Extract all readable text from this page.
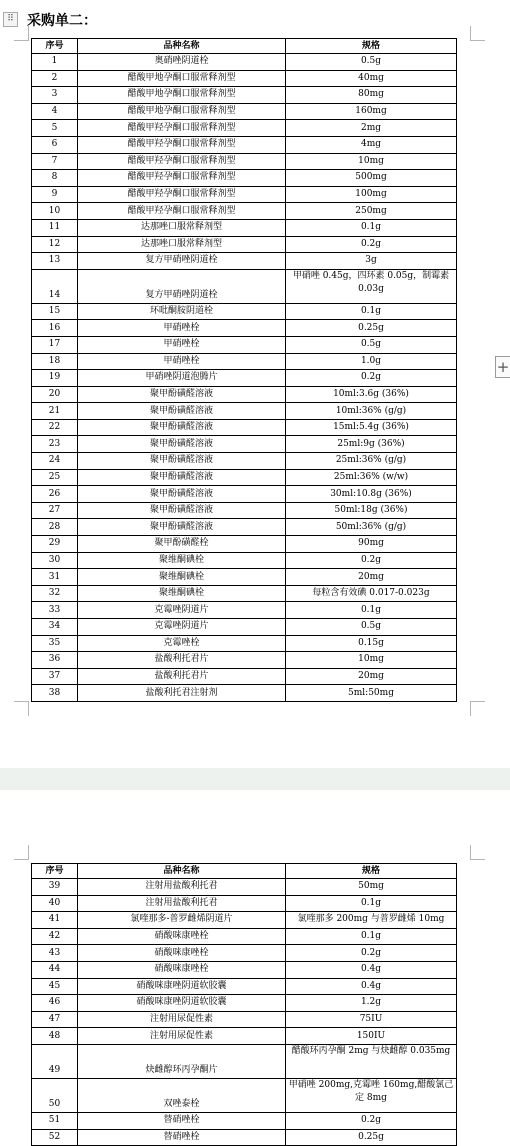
⠿ 采购单二：
序号	品种名称	规格
1	奥硝唑阴道栓	0.5g
2	醋酸甲地孕酮口服常释剂型	40mg
3	醋酸甲地孕酮口服常释剂型	80mg
4	醋酸甲地孕酮口服常释剂型	160mg
5	醋酸甲羟孕酮口服常释剂型	2mg
6	醋酸甲羟孕酮口服常释剂型	4mg
7	醋酸甲羟孕酮口服常释剂型	10mg
8	醋酸甲羟孕酮口服常释剂型	500mg
9	醋酸甲羟孕酮口服常释剂型	100mg
10	醋酸甲羟孕酮口服常释剂型	250mg
11	达那唑口服常释剂型	0.1g
12	达那唑口服常释剂型	0.2g
13	复方甲硝唑阴道栓	3g
14	复方甲硝唑阴道栓	甲硝唑 0.45g，四环素 0.05g，制霉素 0.03g
15	环吡酮胺阴道栓	0.1g
16	甲硝唑栓	0.25g
17	甲硝唑栓	0.5g
18	甲硝唑栓	1.0g
19	甲硝唑阴道泡腾片	0.2g
20	聚甲酚磺醛溶液	10ml:3.6g (36%)
21	聚甲酚磺醛溶液	10ml:36% (g/g)
22	聚甲酚磺醛溶液	15ml:5.4g (36%)
23	聚甲酚磺醛溶液	25ml:9g (36%)
24	聚甲酚磺醛溶液	25ml:36% (g/g)
25	聚甲酚磺醛溶液	25ml:36% (w/w)
26	聚甲酚磺醛溶液	30ml:10.8g (36%)
27	聚甲酚磺醛溶液	50ml:18g (36%)
28	聚甲酚磺醛溶液	50ml:36% (g/g)
29	聚甲酚磺醛栓	90mg
30	聚维酮碘栓	0.2g
31	聚维酮碘栓	20mg
32	聚维酮碘栓	每粒含有效碘 0.017-0.023g
33	克霉唑阴道片	0.1g
34	克霉唑阴道片	0.5g
35	克霉唑栓	0.15g
36	盐酸利托君片	10mg
37	盐酸利托君片	20mg
38	盐酸利托君注射剂	5ml:50mg
+
序号	品种名称	规格
39	注射用盐酸利托君	50mg
40	注射用盐酸利托君	0.1g
41	氯喹那多-普罗雌烯阴道片	氯喹那多 200mg 与普罗雌烯 10mg
42	硝酸咪康唑栓	0.1g
43	硝酸咪康唑栓	0.2g
44	硝酸咪康唑栓	0.4g
45	硝酸咪康唑阴道软胶囊	0.4g
46	硝酸咪康唑阴道软胶囊	1.2g
47	注射用尿促性素	75IU
48	注射用尿促性素	150IU
49	炔雌醇环丙孕酮片	醋酸环丙孕酮 2mg 与炔雌醇 0.035mg
50	双唑泰栓	甲硝唑 200mg,克霉唑 160mg,醋酸氯己定 8mg
51	替硝唑栓	0.2g
52	替硝唑栓	0.25g
